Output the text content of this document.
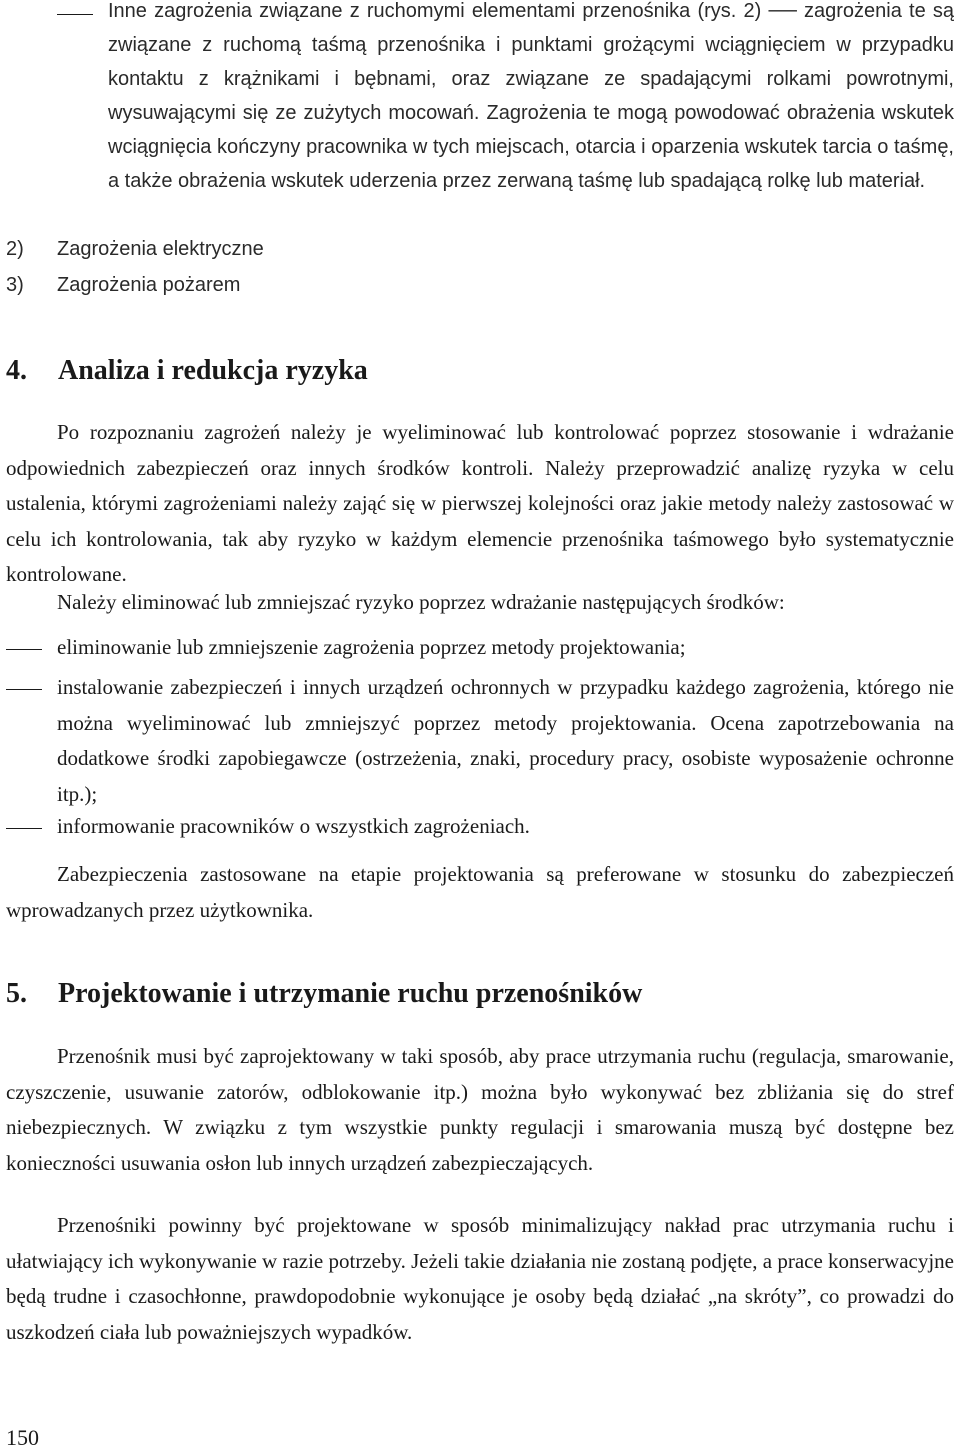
Inne zagrożenia związane z ruchomymi elementami przenośnika (rys. 2) ── zagrożenia te są związane z ruchomą taśmą przenośnika i punktami grożącymi wciągnięciem w przypadku kontaktu z krążnikami i bębnami, oraz związane ze spadającymi rolkami powrotnymi, wysuwającymi się ze zużytych mocowań. Zagrożenia te mogą powodować obrażenia wskutek wciągnięcia kończyny pracownika w tych miejscach, otarcia i oparzenia wskutek tarcia o taśmę, a także obrażenia wskutek uderzenia przez zerwaną taśmę lub spadającą rolkę lub materiał.

2) Zagrożenia elektryczne
3) Zagrożenia pożarem
4. Analiza i redukcja ryzyka

Po rozpoznaniu zagrożeń należy je wyeliminować lub kontrolować poprzez stosowanie i wdrażanie odpowiednich zabezpieczeń oraz innych środków kontroli. Należy przeprowadzić analizę ryzyka w celu ustalenia, którymi zagrożeniami należy zająć się w pierwszej kolejności oraz jakie metody należy zastosować w celu ich kontrolowania, tak aby ryzyko w każdym elemencie przenośnika taśmowego było systematycznie kontrolowane.

Należy eliminować lub zmniejszać ryzyko poprzez wdrażanie następujących środków:

eliminowanie lub zmniejszenie zagrożenia poprzez metody projektowania;

instalowanie zabezpieczeń i innych urządzeń ochronnych w przypadku każdego zagrożenia, którego nie można wyeliminować lub zmniejszyć poprzez metody projektowania. Ocena zapotrzebowania na dodatkowe środki zapobiegawcze (ostrzeżenia, znaki, procedury pracy, osobiste wyposażenie ochronne itp.);

informowanie pracowników o wszystkich zagrożeniach.

Zabezpieczenia zastosowane na etapie projektowania są preferowane w stosunku do zabezpieczeń wprowadzanych przez użytkownika.

5. Projektowanie i utrzymanie ruchu przenośników

Przenośnik musi być zaprojektowany w taki sposób, aby prace utrzymania ruchu (regulacja, smarowanie, czyszczenie, usuwanie zatorów, odblokowanie itp.) można było wykonywać bez zbliżania się do stref niebezpiecznych. W związku z tym wszystkie punkty regulacji i smarowania muszą być dostępne bez konieczności usuwania osłon lub innych urządzeń zabezpieczających.

Przenośniki powinny być projektowane w sposób minimalizujący nakład prac utrzymania ruchu i ułatwiający ich wykonywanie w razie potrzeby. Jeżeli takie działania nie zostaną podjęte, a prace konserwacyjne będą trudne i czasochłonne, prawdopodobnie wykonujące je osoby będą działać „na skróty”, co prowadzi do uszkodzeń ciała lub poważniejszych wypadków.

150
